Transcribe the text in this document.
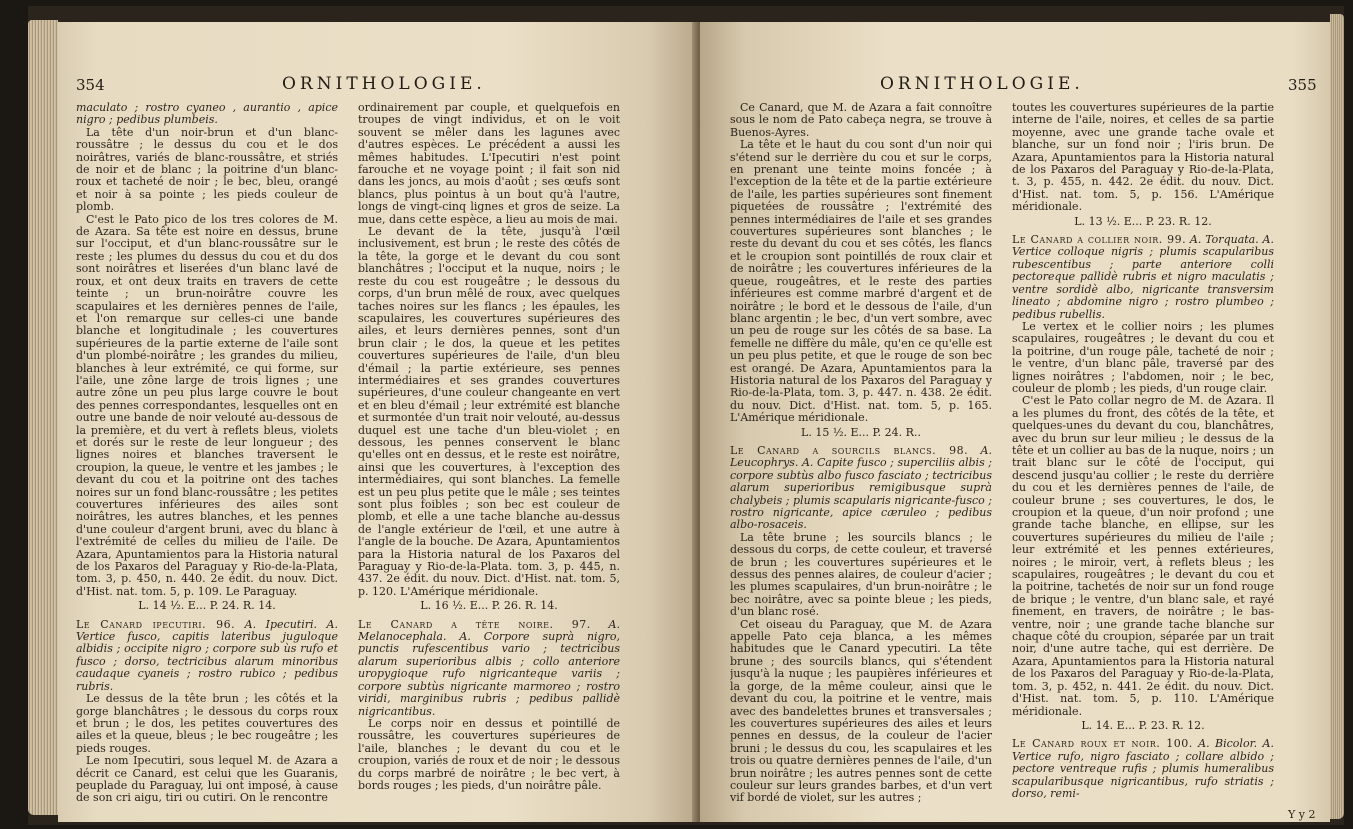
354	ORNITHOLOGIE.

maculato ; rostro cyaneo , aurantio , apice nigro ; pedibus plumbeis.

La tête d'un noir-brun et d'un blanc-roussâtre ; le dessus du cou et le dos noirâtres, variés de blanc-roussâtre, et striés de noir et de blanc ; la poitrine d'un blanc-roux et tacheté de noir ; le bec, bleu, orangé et noir à sa pointe ; les pieds couleur de plomb.

C'est le Pato pico de los tres colores de M. de Azara. Sa tête est noire en dessus, brune sur l'occiput, et d'un blanc-roussâtre sur le reste ; les plumes du dessus du cou et du dos sont noirâtres et liserées d'un blanc lavé de roux, et ont deux traits en travers de cette teinte ; un brun-noirâtre couvre les scapulaires et les dernières pennes de l'aile, et l'on remarque sur celles-ci une bande blanche et longitudinale ; les couvertures supérieures de la partie externe de l'aile sont d'un plombé-noirâtre ; les grandes du milieu, blanches à leur extrémité, ce qui forme, sur l'aile, une zône large de trois lignes ; une autre zône un peu plus large couvre le bout des pennes correspondantes, lesquelles ont en outre une bande de noir velouté au-dessous de la première, et du vert à reflets bleus, violets et dorés sur le reste de leur longueur ; des lignes noires et blanches traversent le croupion, la queue, le ventre et les jambes ; le devant du cou et la poitrine ont des taches noires sur un fond blanc-roussâtre ; les petites couvertures inférieures des ailes sont noirâtres, les autres blanches, et les pennes d'une couleur d'argent bruni, avec du blanc à l'extrémité de celles du milieu de l'aile. De Azara, Apuntamientos para la Historia natural de los Paxaros del Paraguay y Rio-de-la-Plata, tom. 3, p. 450, n. 440. 2e édit. du nouv. Dict. d'Hist. nat. tom. 5, p. 109. Le Paraguay.

L. 14 ½. E... P. 24. R. 14.

Le Canard ipecutiri. 96. A. Ipecutiri. A. Vertice fusco, capitis lateribus juguloque albidis ; occipite nigro ; corpore sub ùs rufo et fusco ; dorso, tectricibus alarum minoribus caudaque cyaneis ; rostro rubico ; pedibus rubris.

Le dessus de la tête brun ; les côtés et la gorge blanchâtres ; le dessous du corps roux et brun ; le dos, les petites couvertures des ailes et la queue, bleus ; le bec rougeâtre ; les pieds rouges.

Le nom Ipecutiri, sous lequel M. de Azara a décrit ce Canard, est celui que les Guaranis, peuplade du Paraguay, lui ont imposé, à cause de son cri aigu, tiri ou cutiri. On le rencontre

ordinairement par couple, et quelquefois en troupes de vingt individus, et on le voit souvent se mêler dans les lagunes avec d'autres espèces. Le précédent a aussi les mêmes habitudes. L'Ipecutiri n'est point farouche et ne voyage point ; il fait son nid dans les joncs, au mois d'août ; ses œufs sont blancs, plus pointus à un bout qu'à l'autre, longs de vingt-cinq lignes et gros de seize. La mue, dans cette espèce, a lieu au mois de mai.

Le devant de la tête, jusqu'à l'œil inclusivement, est brun ; le reste des côtés de la tête, la gorge et le devant du cou sont blanchâtres ; l'occiput et la nuque, noirs ; le reste du cou est rougeâtre ; le dessous du corps, d'un brun mêlé de roux, avec quelques taches noires sur les flancs ; les épaules, les scapulaires, les couvertures supérieures des ailes, et leurs dernières pennes, sont d'un brun clair ; le dos, la queue et les petites couvertures supérieures de l'aile, d'un bleu d'émail ; la partie extérieure, ses pennes intermédiaires et ses grandes couvertures supérieures, d'une couleur changeante en vert et en bleu d'émail ; leur extrémité est blanche et surmontée d'un trait noir velouté, au-dessus duquel est une tache d'un bleu-violet ; en dessous, les pennes conservent le blanc qu'elles ont en dessus, et le reste est noirâtre, ainsi que les couvertures, à l'exception des intermédiaires, qui sont blanches. La femelle est un peu plus petite que le mâle ; ses teintes sont plus foibles ; son bec est couleur de plomb, et elle a une tache blanche au-dessus de l'angle extérieur de l'œil, et une autre à l'angle de la bouche. De Azara, Apuntamientos para la Historia natural de los Paxaros del Paraguay y Rio-de-la-Plata. tom. 3, p. 445, n. 437. 2e édit. du nouv. Dict. d'Hist. nat. tom. 5, p. 120. L'Amérique méridionale.

L. 16 ½. E... P. 26. R. 14.

Le Canard a tête noire. 97. A. Melanocephala. A. Corpore suprà nigro, punctis rufescentibus vario ; tectricibus alarum superioribus albis ; collo anteriore uropygioque rufo nigricanteque variis ; corpore subtùs nigricante marmoreo ; rostro viridi, marginibus rubris ; pedibus pallidè nigricantibus.

Le corps noir en dessus et pointillé de roussâtre, les couvertures supérieures de l'aile, blanches ; le devant du cou et le croupion, variés de roux et de noir ; le dessous du corps marbré de noirâtre ; le bec vert, à bords rouges ; les pieds, d'un noirâtre pâle.

ORNITHOLOGIE.	355

Ce Canard, que M. de Azara a fait connoître sous le nom de Pato cabeça negra, se trouve à Buenos-Ayres.

La tête et le haut du cou sont d'un noir qui s'étend sur le derrière du cou et sur le corps, en prenant une teinte moins foncée ; à l'exception de la tête et de la partie extérieure de l'aile, les parties supérieures sont finement piquetées de roussâtre ; l'extrémité des pennes intermédiaires de l'aile et ses grandes couvertures supérieures sont blanches ; le reste du devant du cou et ses côtés, les flancs et le croupion sont pointillés de roux clair et de noirâtre ; les couvertures inférieures de la queue, rougeâtres, et le reste des parties inférieures est comme marbré d'argent et de noirâtre ; le bord et le dessous de l'aile, d'un blanc argentin ; le bec, d'un vert sombre, avec un peu de rouge sur les côtés de sa base. La femelle ne diffère du mâle, qu'en ce qu'elle est un peu plus petite, et que le rouge de son bec est orangé. De Azara, Apuntamientos para la Historia natural de los Paxaros del Paraguay y Rio-de-la-Plata, tom. 3, p. 447. n. 438. 2e édit. du nouv. Dict. d'Hist. nat. tom. 5, p. 165. L'Amérique méridionale.

L. 15 ½. E... P. 24. R..

Le Canard a sourcils blancs. 98. A. Leucophrys. A. Capite fusco ; superciliis albis ; corpore subtùs albo fusco fasciato ; tectricibus alarum superioribus remigibusque suprà chalybeis ; plumis scapularis nigricante-fusco ; rostro nigricante, apice cæruleo ; pedibus albo-rosaceis.

La tête brune ; les sourcils blancs ; le dessous du corps, de cette couleur, et traversé de brun ; les couvertures supérieures et le dessus des pennes alaires, de couleur d'acier ; les plumes scapulaires, d'un brun-noirâtre ; le bec noirâtre, avec sa pointe bleue ; les pieds, d'un blanc rosé.

Cet oiseau du Paraguay, que M. de Azara appelle Pato ceja blanca, a les mêmes habitudes que le Canard ypecutiri. La tête brune ; des sourcils blancs, qui s'étendent jusqu'à la nuque ; les paupières inférieures et la gorge, de la même couleur, ainsi que le devant du cou, la poitrine et le ventre, mais avec des bandelettes brunes et transversales ; les couvertures supérieures des ailes et leurs pennes en dessus, de la couleur de l'acier bruni ; le dessus du cou, les scapulaires et les trois ou quatre dernières pennes de l'aile, d'un brun noirâtre ; les autres pennes sont de cette couleur sur leurs grandes barbes, et d'un vert vif bordé de violet, sur les autres ;

toutes les couvertures supérieures de la partie interne de l'aile, noires, et celles de sa partie moyenne, avec une grande tache ovale et blanche, sur un fond noir ; l'iris brun. De Azara, Apuntamientos para la Historia natural de los Paxaros del Paraguay y Rio-de-la-Plata, t. 3, p. 455, n. 442. 2e édit. du nouv. Dict. d'Hist. nat. tom. 5, p. 156. L'Amérique méridionale.

L. 13 ½. E... P. 23. R. 12.

Le Canard a collier noir. 99. A. Torquata. A. Vertice colloque nigris ; plumis scapularibus rubescentibus ; parte anteriore colli pectoreque pallidè rubris et nigro maculatis ; ventre sordidè albo, nigricante transversim lineato ; abdomine nigro ; rostro plumbeo ; pedibus rubellis.

Le vertex et le collier noirs ; les plumes scapulaires, rougeâtres ; le devant du cou et la poitrine, d'un rouge pâle, tacheté de noir ; le ventre, d'un blanc pâle, traversé par des lignes noirâtres ; l'abdomen, noir ; le bec, couleur de plomb ; les pieds, d'un rouge clair.

C'est le Pato collar negro de M. de Azara. Il a les plumes du front, des côtés de la tête, et quelques-unes du devant du cou, blanchâtres, avec du brun sur leur milieu ; le dessus de la tête et un collier au bas de la nuque, noirs ; un trait blanc sur le côté de l'occiput, qui descend jusqu'au collier ; le reste du derrière du cou et les dernières pennes de l'aile, de couleur brune ; ses couvertures, le dos, le croupion et la queue, d'un noir profond ; une grande tache blanche, en ellipse, sur les couvertures supérieures du milieu de l'aile ; leur extrémité et les pennes extérieures, noires ; le miroir, vert, à reflets bleus ; les scapulaires, rougeâtres ; le devant du cou et la poitrine, tachetés de noir sur un fond rouge de brique ; le ventre, d'un blanc sale, et rayé finement, en travers, de noirâtre ; le bas-ventre, noir ; une grande tache blanche sur chaque côté du croupion, séparée par un trait noir, d'une autre tache, qui est derrière. De Azara, Apuntamientos para la Historia natural de los Paxaros del Paraguay y Rio-de-la-Plata, tom. 3, p. 452, n. 441. 2e édit. du nouv. Dict. d'Hist. nat. tom. 5, p. 110. L'Amérique méridionale.

L. 14. E... P. 23. R. 12.

Le Canard roux et noir. 100. A. Bicolor. A. Vertice rufo, nigro fasciato ; collare albido ; pectore ventreque rufis ; plumis humeralibus scapularibusque nigricantibus, rufo striatis ; dorso, remi-

Y y 2
